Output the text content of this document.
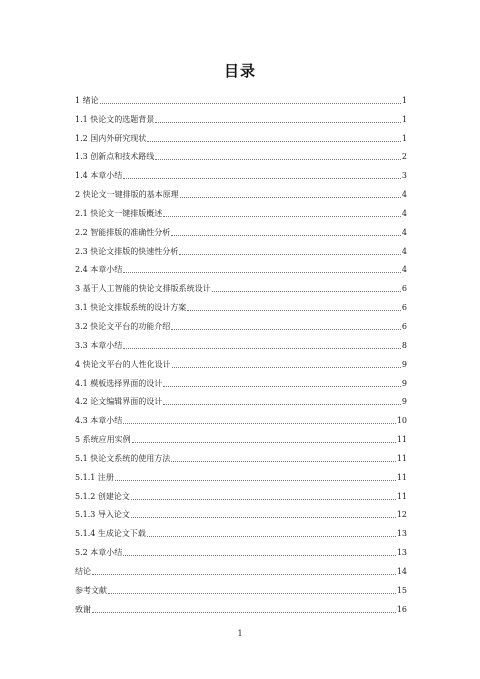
目录
1 绪论	1
1.1 快论文的选题背景	1
1.2 国内外研究现状	1
1.3 创新点和技术路线	2
1.4 本章小结	3
2 快论文一键排版的基本原理	4
2.1 快论文一键排版概述	4
2.2 智能排版的准确性分析	4
2.3 快论文排版的快速性分析	4
2.4 本章小结	4
3 基于人工智能的快论文排版系统设计	6
3.1 快论文排版系统的设计方案	6
3.2 快论文平台的功能介绍	6
3.3 本章小结	8
4 快论文平台的人性化设计	9
4.1 模板选择界面的设计	9
4.2 论文编辑界面的设计	9
4.3 本章小结	10
5 系统应用实例	11
5.1 快论文系统的使用方法	11
5.1.1 注册	11
5.1.2 创建论文	11
5.1.3 导入论文	12
5.1.4 生成论文下载	13
5.2 本章小结	13
结论	14
参考文献	15
致谢	16
1
